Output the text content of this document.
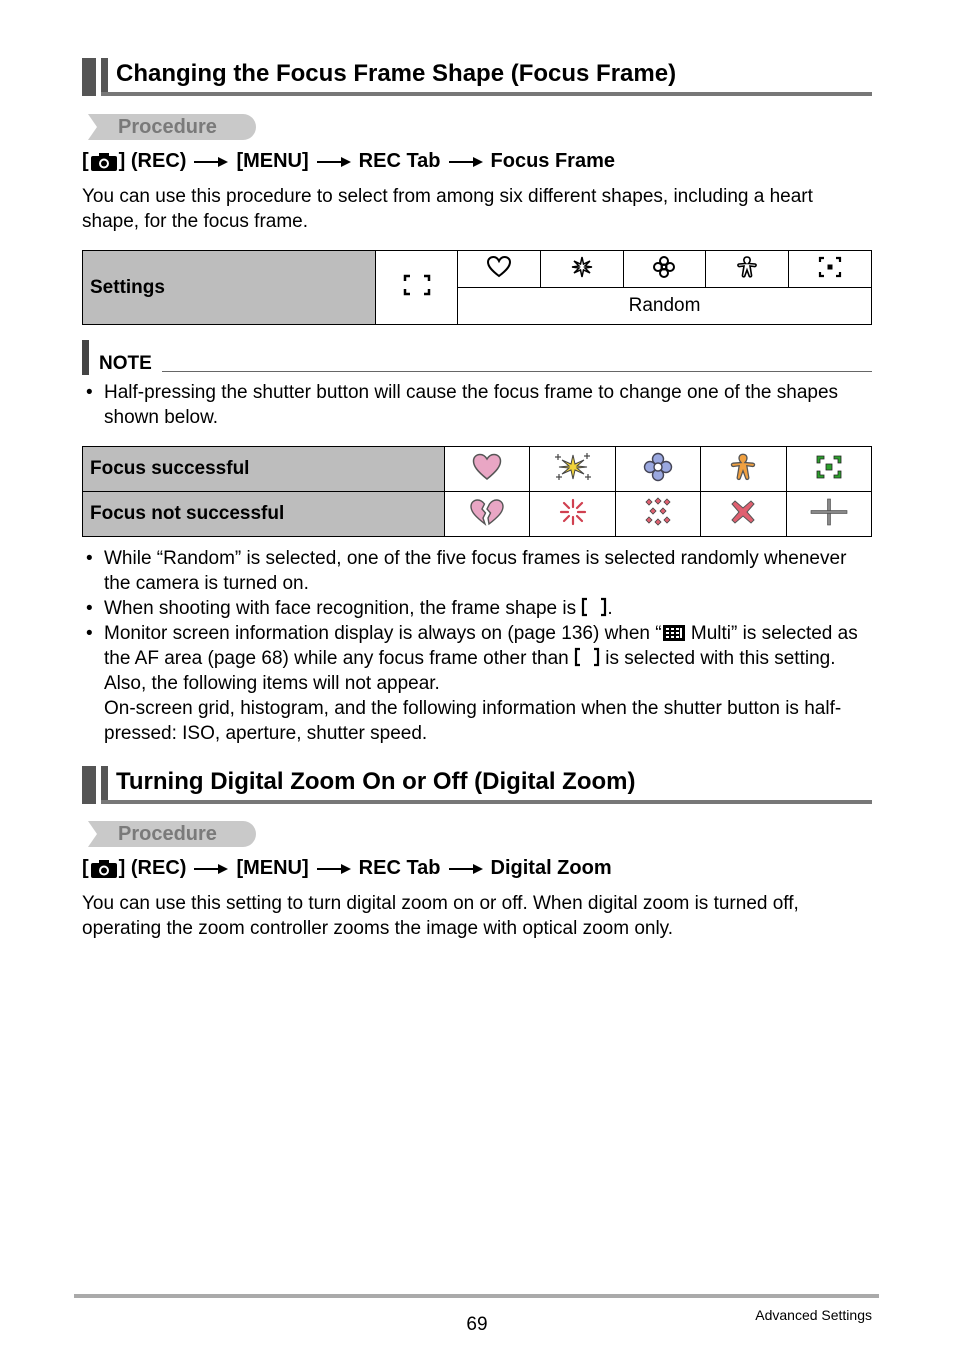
Changing the Focus Frame Shape (Focus Frame)
Procedure
[ ] (REC)	[MENU]	REC Tab	Focus Frame
You can use this procedure to select from among six different shapes, including a heart shape, for the focus frame.
Settings						
Random
NOTE
• Half-pressing the shutter button will cause the focus frame to change one of the shapes shown below.
Focus successful					
Focus not successful					
• While “Random” is selected, one of the five focus frames is selected randomly whenever the camera is turned on.
• When shooting with face recognition, the frame shape is .
• Monitor screen information display is always on (page 136) when “ Multi” is selected as the AF area (page 68) while any focus frame other than  is selected with this setting. Also, the following items will not appear.
On-screen grid, histogram, and the following information when the shutter button is half-pressed: ISO, aperture, shutter speed.
Turning Digital Zoom On or Off (Digital Zoom)
Procedure
[ ] (REC)	[MENU]	REC Tab	Digital Zoom
You can use this setting to turn digital zoom on or off. When digital zoom is turned off, operating the zoom controller zooms the image with optical zoom only.
69	Advanced Settings
